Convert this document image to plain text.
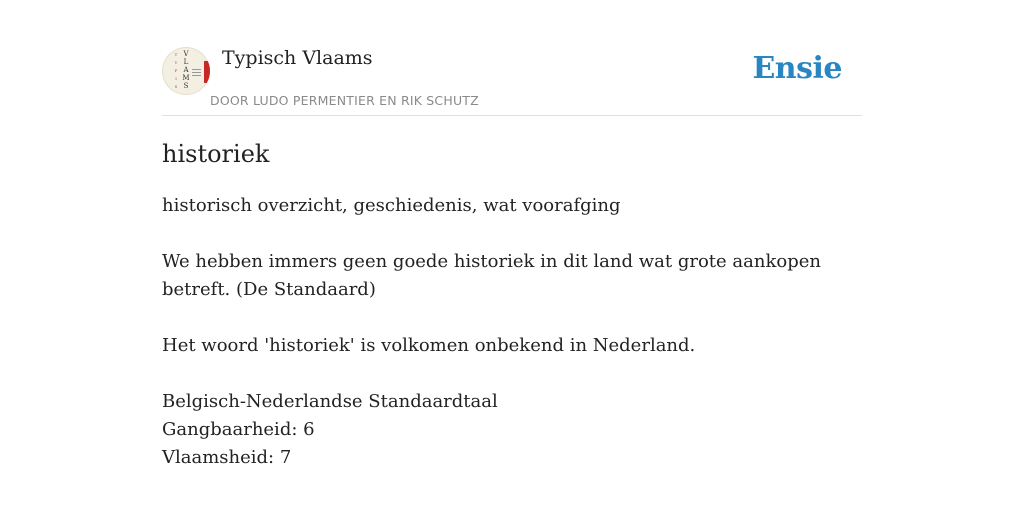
T
Y
P
I
S
V
L
A
M
S
Typisch Vlaams
DOOR LUDO PERMENTIER EN RIK SCHUTZ
Ensie
historiek

historisch overzicht, geschiedenis, wat voorafging

We hebben immers geen goede historiek in dit land wat grote aankopen betreft. (De Standaard)

Het woord 'historiek' is volkomen onbekend in Nederland.

Belgisch-Nederlandse Standaardtaal

Gangbaarheid: 6

Vlaamsheid: 7
